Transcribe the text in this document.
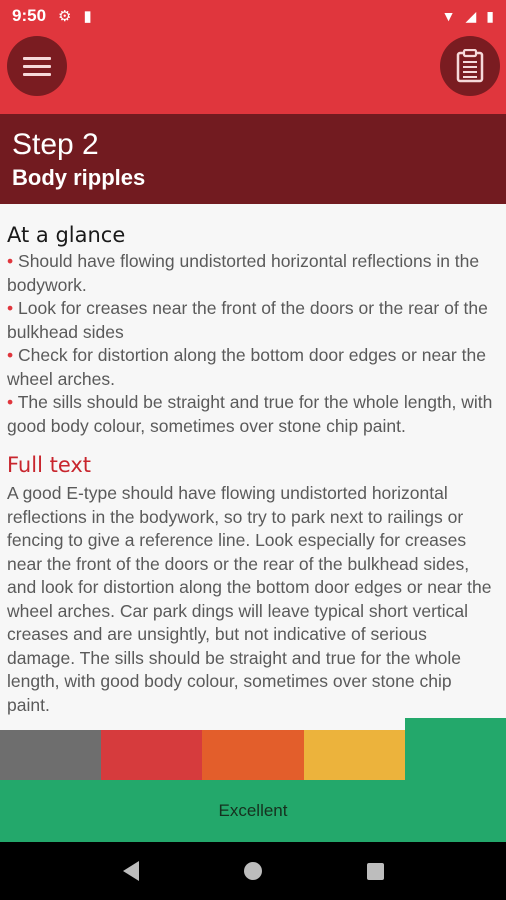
9:50 ⚙ ▮	▼ ◢ ▮
Step 2
Body ripples
At a glance
• Should have flowing undistorted horizontal reflections in the bodywork.
• Look for creases near the front of the doors or the rear of the bulkhead sides
• Check for distortion along the bottom door edges or near the wheel arches.
• The sills should be straight and true for the whole length, with good body colour, sometimes over stone chip paint.
Full text
A good E-type should have flowing undistorted horizontal reflections in the bodywork, so try to park next to railings or fencing to give a reference line. Look especially for creases near the front of the doors or the rear of the bulkhead sides, and look for distortion along the bottom door edges or near the wheel arches. Car park dings will leave typical short vertical creases and are unsightly, but not indicative of serious damage. The sills should be straight and true for the whole length, with good body colour, sometimes over stone chip paint.
Excellent
